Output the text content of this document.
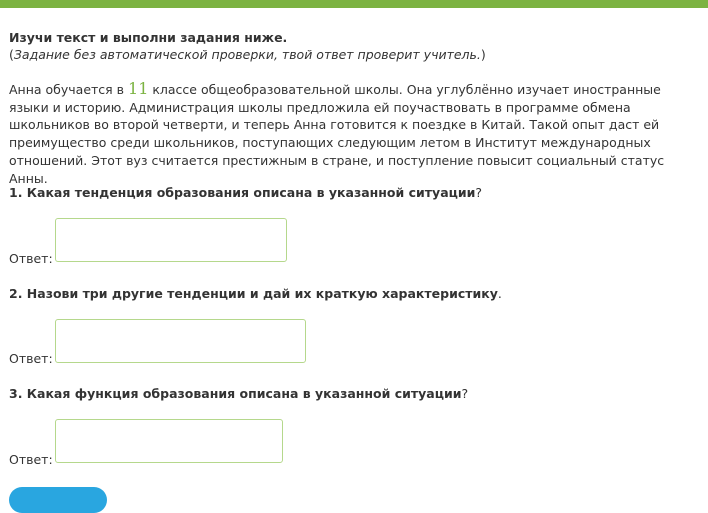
Изучи текст и выполни задания ниже.
(Задание без автоматической проверки, твой ответ проверит учитель.)

Анна обучается в 11 классе общеобразовательной школы. Она углублённо изучает иностранные языки и историю. Администрация школы предложила ей поучаствовать в программе обмена школьников во второй четверти, и теперь Анна готовится к поездке в Китай. Такой опыт даст ей преимущество среди школьников, поступающих следующим летом в Институт международных отношений. Этот вуз считается престижным в стране, и поступление повысит социальный статус Анны.

1. Какая тенденция образования описана в указанной ситуации?

Ответ:

2. Назови три другие тенденции и дай их краткую характеристику.

Ответ:

3. Какая функция образования описана в указанной ситуации?

Ответ:
